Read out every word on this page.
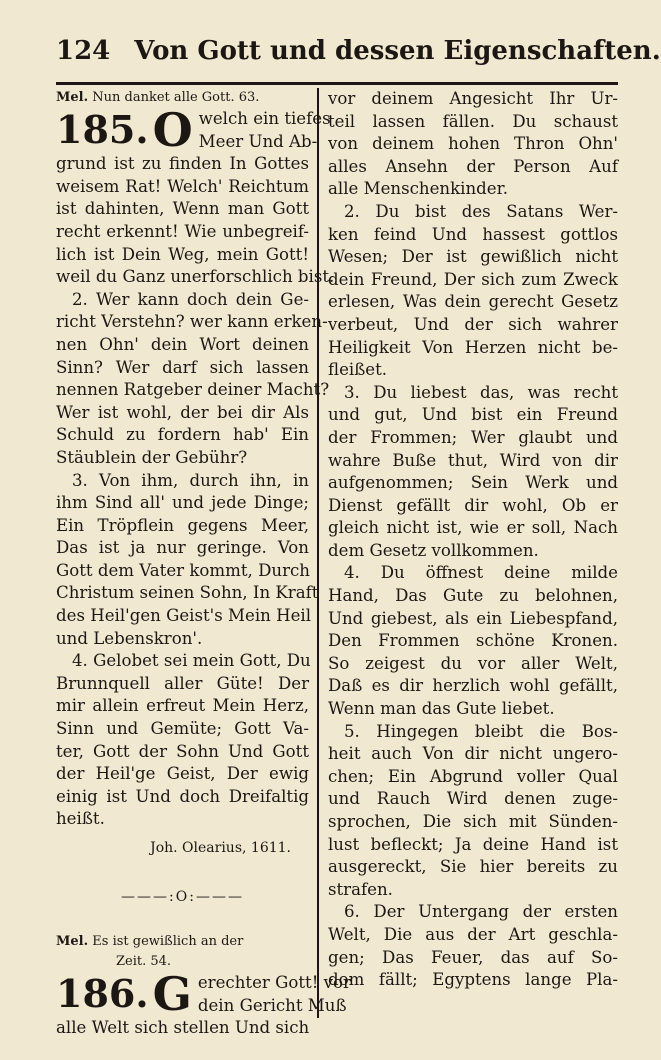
124 Von Gott und dessen Eigenschaften.
Mel. Nun danket alle Gott. 63.
185. O welch ein tiefes
Meer Und Ab-
grund ist zu finden In Gottes
weisem Rat! Welch' Reichtum
ist dahinten, Wenn man Gott
recht erkennt! Wie unbegreif-
lich ist Dein Weg, mein Gott!
weil du Ganz unerforschlich bist.
2. Wer kann doch dein Ge-
richt Verstehn? wer kann erken-
nen Ohn' dein Wort deinen
Sinn? Wer darf sich lassen
nennen Ratgeber deiner Macht?
Wer ist wohl, der bei dir Als
Schuld zu fordern hab' Ein
Stäublein der Gebühr?
3. Von ihm, durch ihn, in
ihm Sind all' und jede Dinge;
Ein Tröpflein gegens Meer,
Das ist ja nur geringe. Von
Gott dem Vater kommt, Durch
Christum seinen Sohn, In Kraft
des Heil'gen Geist's Mein Heil
und Lebenskron'.
4. Gelobet sei mein Gott, Du
Brunnquell aller Güte! Der
mir allein erfreut Mein Herz,
Sinn und Gemüte; Gott Va-
ter, Gott der Sohn Und Gott
der Heil'ge Geist, Der ewig
einig ist Und doch Dreifaltig
heißt.
Joh. Olearius, 1611.
———:O:———
Mel. Es ist gewißlich an der
Zeit. 54.
186. G erechter Gott! vor
dein Gericht Muß
alle Welt sich stellen Und sich
vor deinem Angesicht Ihr Ur-
teil lassen fällen. Du schaust
von deinem hohen Thron Ohn'
alles Ansehn der Person Auf
alle Menschenkinder.
2. Du bist des Satans Wer-
ken feind Und hassest gottlos
Wesen; Der ist gewißlich nicht
dein Freund, Der sich zum Zweck
erlesen, Was dein gerecht Gesetz
verbeut, Und der sich wahrer
Heiligkeit Von Herzen nicht be-
fleißet.
3. Du liebest das, was recht
und gut, Und bist ein Freund
der Frommen; Wer glaubt und
wahre Buße thut, Wird von dir
aufgenommen; Sein Werk und
Dienst gefällt dir wohl, Ob er
gleich nicht ist, wie er soll, Nach
dem Gesetz vollkommen.
4. Du öffnest deine milde
Hand, Das Gute zu belohnen,
Und giebest, als ein Liebespfand,
Den Frommen schöne Kronen.
So zeigest du vor aller Welt,
Daß es dir herzlich wohl gefällt,
Wenn man das Gute liebet.
5. Hingegen bleibt die Bos-
heit auch Von dir nicht ungero-
chen; Ein Abgrund voller Qual
und Rauch Wird denen zuge-
sprochen, Die sich mit Sünden-
lust befleckt; Ja deine Hand ist
ausgereckt, Sie hier bereits zu
strafen.
6. Der Untergang der ersten
Welt, Die aus der Art geschla-
gen; Das Feuer, das auf So-
dom fällt; Egyptens lange Pla-
